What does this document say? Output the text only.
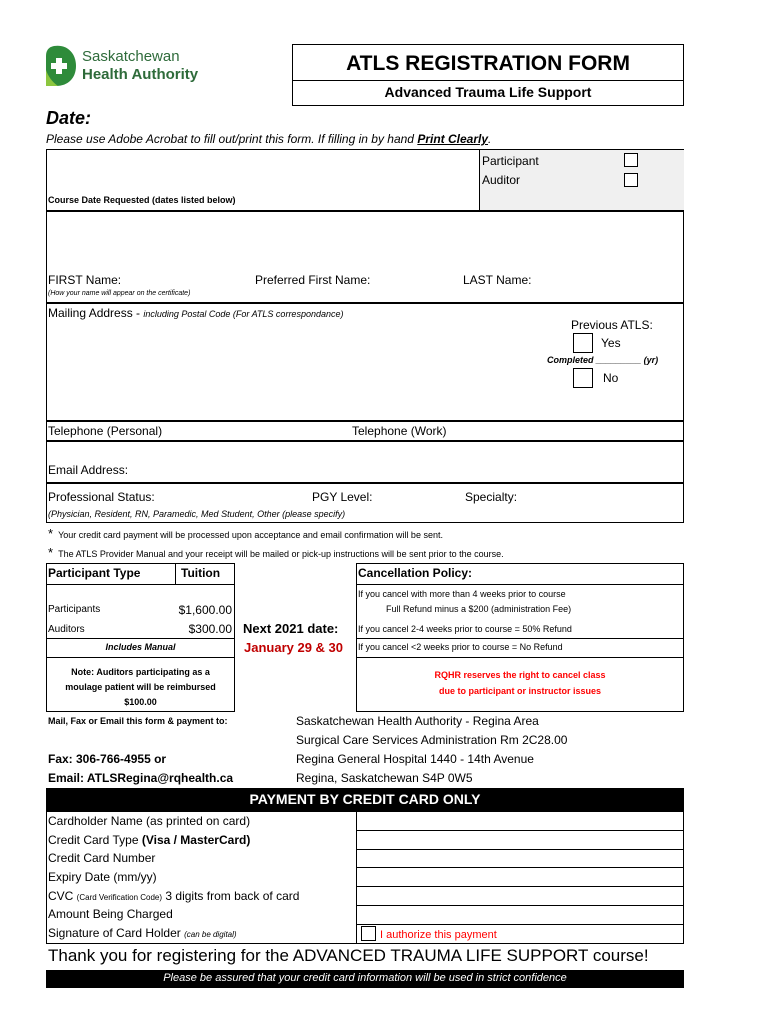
Saskatchewan
Health Authority	ATLS REGISTRATION FORM
Advanced Trauma Life Support
Date:
Please use Adobe Acrobat to fill out/print this form. If filling in by hand Print Clearly.
Participant
Auditor
Course Date Requested (dates listed below)
FIRST Name:	Preferred First Name:	LAST Name:
(How your name will appear on the certificate)
Mailing Address - including Postal Code (For ATLS correspondance)
Previous ATLS:
Yes
Completed _________ (yr)
No
Telephone (Personal)	Telephone (Work)
Email Address:
Professional Status:	PGY Level:	Specialty:
(Physician, Resident, RN, Paramedic, Med Student, Other (please specify)
* Your credit card payment will be processed upon acceptance and email confirmation will be sent.
* The ATLS Provider Manual and your receipt will be mailed or pick-up instructions will be sent prior to the course.
Participant Type	Tuition
Participants	$1,600.00
Auditors	$300.00
Includes Manual
Note: Auditors participating as a
moulage patient will be reimbursed
$100.00
Next 2021 date:
January 29 & 30
Cancellation Policy:
If you cancel with more than 4 weeks prior to course
Full Refund minus a $200 (administration Fee)
If you cancel 2-4 weeks prior to course = 50% Refund
If you cancel <2 weeks prior to course = No Refund
RQHR reserves the right to cancel class
due to participant or instructor issues
Mail, Fax or Email this form & payment to:	Saskatchewan Health Authority - Regina Area
Surgical Care Services Administration Rm 2C28.00
Regina General Hospital 1440 - 14th Avenue
Regina, Saskatchewan S4P 0W5
Fax: 306-766-4955 or
Email: ATLSRegina@rqhealth.ca
PAYMENT BY CREDIT CARD ONLY
Cardholder Name (as printed on card)
Credit Card Type (Visa / MasterCard)
Credit Card Number
Expiry Date (mm/yy)
CVC (Card Verification Code) 3 digits from back of card
Amount Being Charged
Signature of Card Holder (can be digital)	I authorize this payment
Thank you for registering for the ADVANCED TRAUMA LIFE SUPPORT course!
Please be assured that your credit card information will be used in strict confidence
